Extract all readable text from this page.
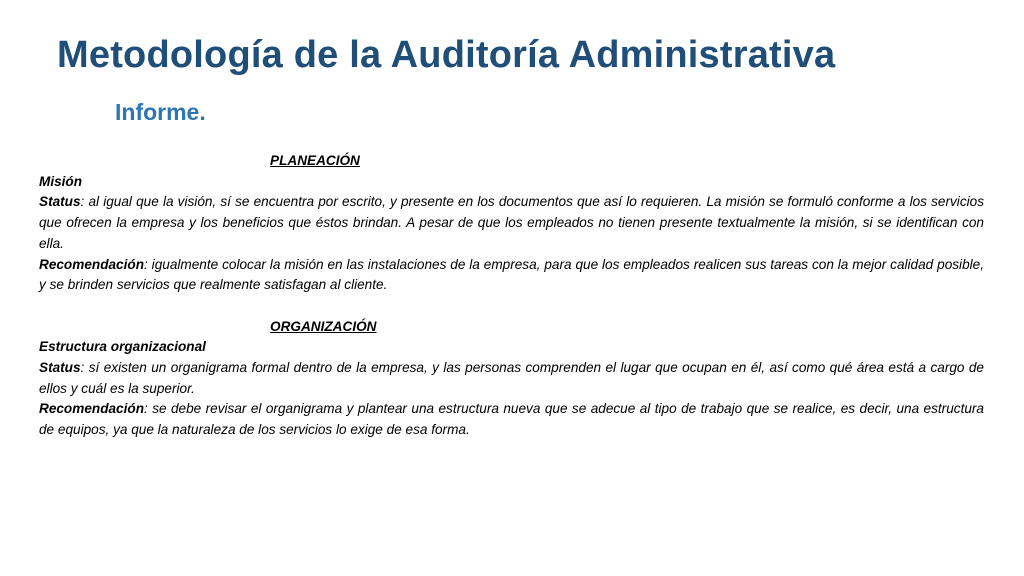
Metodología de la Auditoría Administrativa
Informe.
PLANEACIÓN
Misión
Status: al igual que la visión, sí se encuentra por escrito, y presente en los documentos que así lo requieren. La misión se formuló conforme a los servicios que ofrecen la empresa y los beneficios que éstos brindan. A pesar de que los empleados no tienen presente textualmente la misión, si se identifican con ella.
Recomendación: igualmente colocar la misión en las instalaciones de la empresa, para que los empleados realicen sus tareas con la mejor calidad posible, y se brinden servicios que realmente satisfagan al cliente.
ORGANIZACIÓN
Estructura organizacional
Status: sí existen un organigrama formal dentro de la empresa, y las personas comprenden el lugar que ocupan en él, así como qué área está a cargo de ellos y cuál es la superior.
Recomendación: se debe revisar el organigrama y plantear una estructura nueva que se adecue al tipo de trabajo que se realice, es decir, una estructura de equipos, ya que la naturaleza de los servicios lo exige de esa forma.
